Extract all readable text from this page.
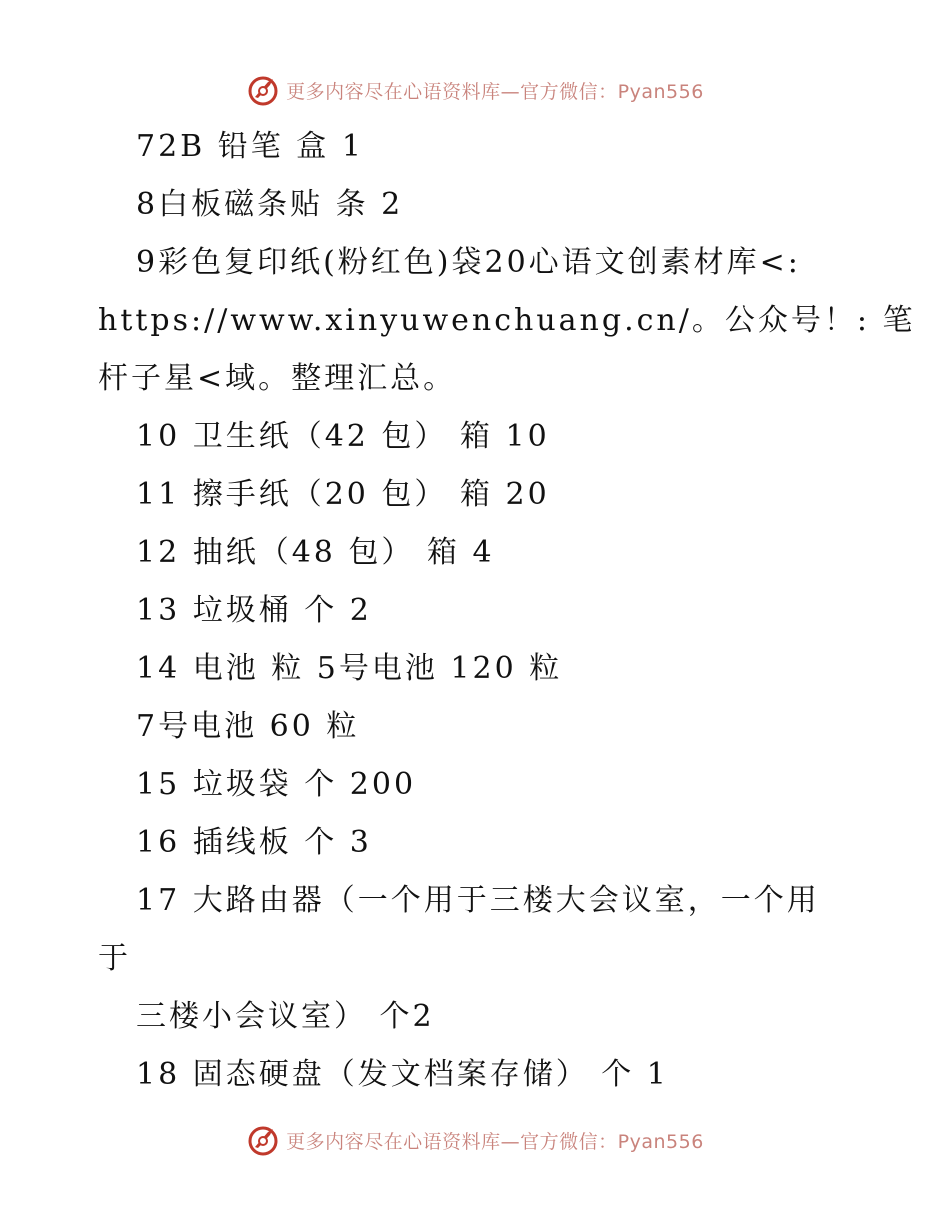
更多内容尽在心语资料库—官方微信：Pyan556
72B 铅笔 盒 1
8白板磁条贴 条 2
9彩色复印纸(粉红色)袋20心语文创素材库<:
https://www.xinyuwenchuang.cn/。公众号！: 笔
杆子星<域。整理汇总。
10 卫生纸（42 包） 箱 10
11 擦手纸（20 包） 箱 20
12 抽纸（48 包） 箱 4
13 垃圾桶 个 2
14 电池 粒 5号电池 120 粒
7号电池 60 粒
15 垃圾袋 个 200
16 插线板 个 3
17 大路由器（一个用于三楼大会议室，一个用
于
三楼小会议室） 个2
18 固态硬盘（发文档案存储） 个 1
更多内容尽在心语资料库—官方微信：Pyan556
